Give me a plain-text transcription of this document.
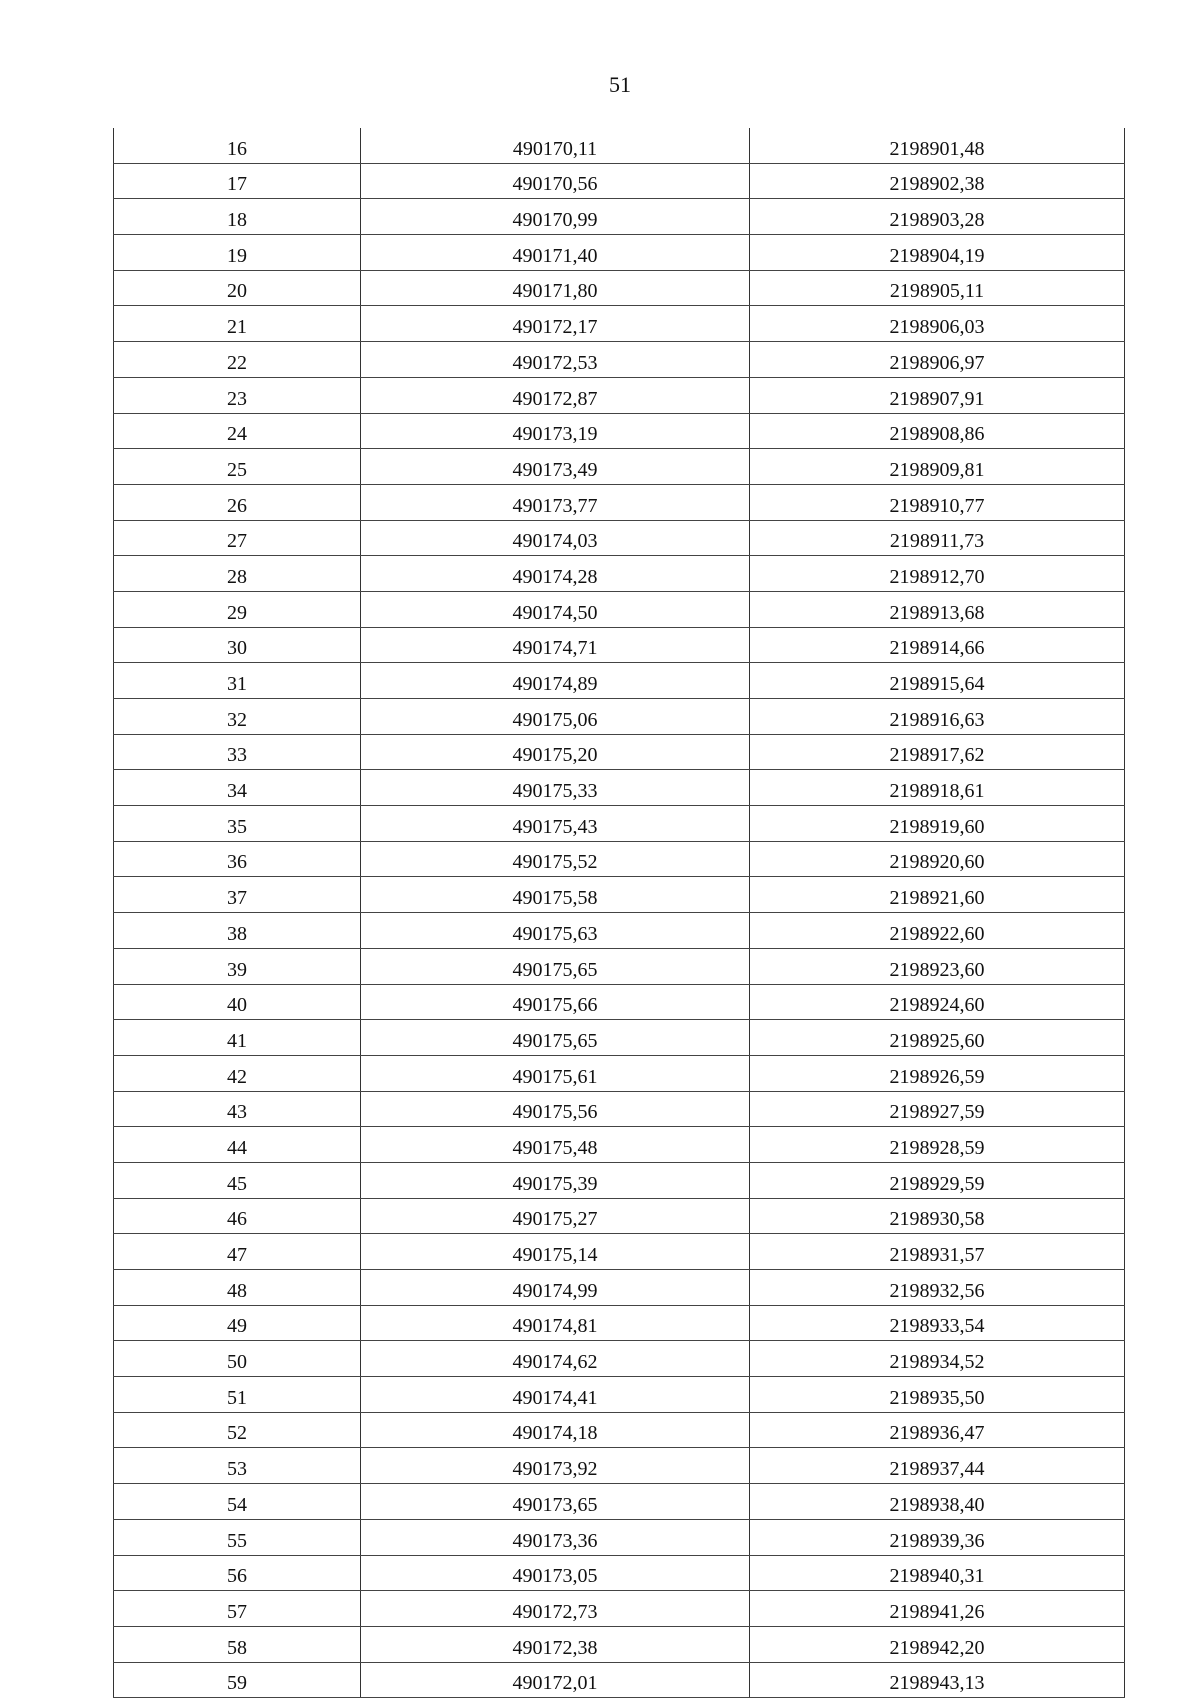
51
16	490170,11	2198901,48
17	490170,56	2198902,38
18	490170,99	2198903,28
19	490171,40	2198904,19
20	490171,80	2198905,11
21	490172,17	2198906,03
22	490172,53	2198906,97
23	490172,87	2198907,91
24	490173,19	2198908,86
25	490173,49	2198909,81
26	490173,77	2198910,77
27	490174,03	2198911,73
28	490174,28	2198912,70
29	490174,50	2198913,68
30	490174,71	2198914,66
31	490174,89	2198915,64
32	490175,06	2198916,63
33	490175,20	2198917,62
34	490175,33	2198918,61
35	490175,43	2198919,60
36	490175,52	2198920,60
37	490175,58	2198921,60
38	490175,63	2198922,60
39	490175,65	2198923,60
40	490175,66	2198924,60
41	490175,65	2198925,60
42	490175,61	2198926,59
43	490175,56	2198927,59
44	490175,48	2198928,59
45	490175,39	2198929,59
46	490175,27	2198930,58
47	490175,14	2198931,57
48	490174,99	2198932,56
49	490174,81	2198933,54
50	490174,62	2198934,52
51	490174,41	2198935,50
52	490174,18	2198936,47
53	490173,92	2198937,44
54	490173,65	2198938,40
55	490173,36	2198939,36
56	490173,05	2198940,31
57	490172,73	2198941,26
58	490172,38	2198942,20
59	490172,01	2198943,13
